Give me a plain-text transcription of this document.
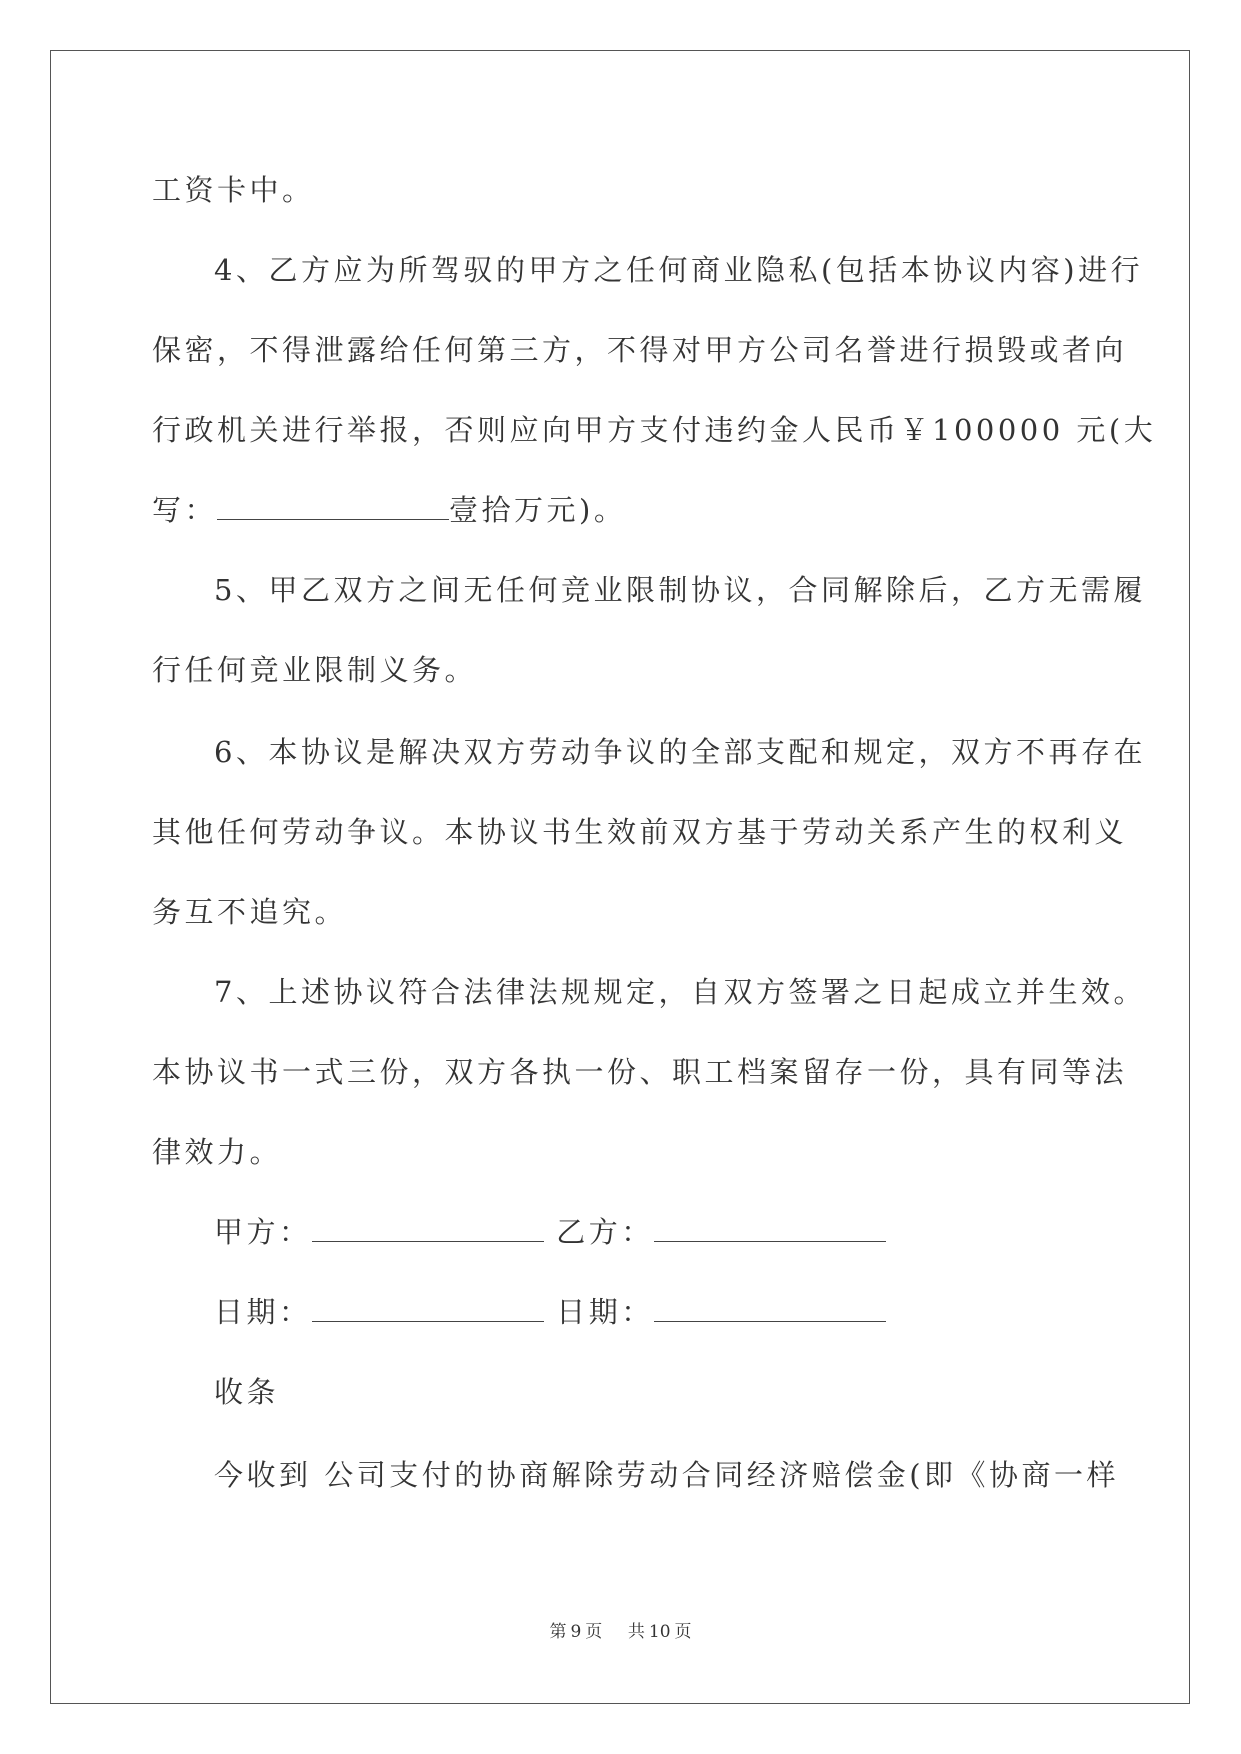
工资卡中。
4、乙方应为所驾驭的甲方之任何商业隐私(包括本协议内容)进行
保密，不得泄露给任何第三方，不得对甲方公司名誉进行损毁或者向
行政机关进行举报，否则应向甲方支付违约金人民币￥100000 元(大
写：	壹拾万元)。
5、甲乙双方之间无任何竞业限制协议，合同解除后，乙方无需履
行任何竞业限制义务。
6、本协议是解决双方劳动争议的全部支配和规定，双方不再存在
其他任何劳动争议。本协议书生效前双方基于劳动关系产生的权利义
务互不追究。
7、上述协议符合法律法规规定，自双方签署之日起成立并生效。
本协议书一式三份，双方各执一份、职工档案留存一份，具有同等法
律效力。
甲方：	乙方：
日期：	日期：
收条
今收到 公司支付的协商解除劳动合同经济赔偿金(即《协商一样
第 9 页 共 10 页
